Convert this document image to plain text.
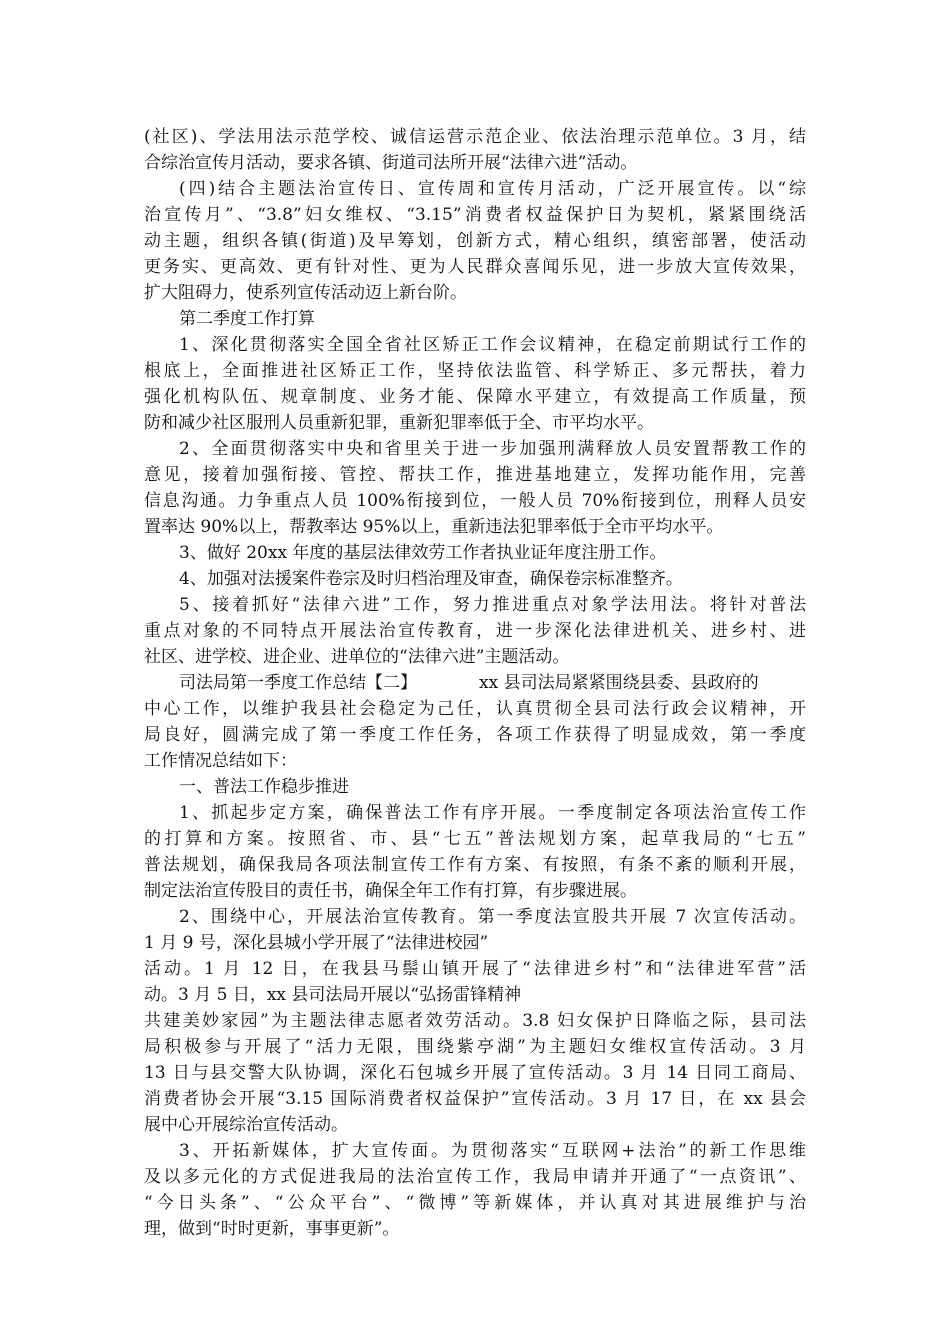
(社区)、学法用法示范学校、诚信运营示范企业、依法治理示范单位。3 月，结
合综治宣传月活动，要求各镇、街道司法所开展“法律六进”活动。
(四)结合主题法治宣传日、宣传周和宣传月活动，广泛开展宣传。以“综
治宣传月”、“3.8”妇女维权、“3.15”消费者权益保护日为契机，紧紧围绕活
动主题，组织各镇(街道)及早筹划，创新方式，精心组织，缜密部署，使活动
更务实、更高效、更有针对性、更为人民群众喜闻乐见，进一步放大宣传效果，
扩大阻碍力，使系列宣传活动迈上新台阶。
第二季度工作打算
1、深化贯彻落实全国全省社区矫正工作会议精神，在稳定前期试行工作的
根底上，全面推进社区矫正工作，坚持依法监管、科学矫正、多元帮扶，着力
强化机构队伍、规章制度、业务才能、保障水平建立，有效提高工作质量，预
防和减少社区服刑人员重新犯罪，重新犯罪率低于全、市平均水平。
2、全面贯彻落实中央和省里关于进一步加强刑满释放人员安置帮教工作的
意见，接着加强衔接、管控、帮扶工作，推进基地建立，发挥功能作用，完善
信息沟通。力争重点人员 100%衔接到位，一般人员 70%衔接到位，刑释人员安
置率达 90%以上，帮教率达 95%以上，重新违法犯罪率低于全市平均水平。
3、做好 20xx 年度的基层法律效劳工作者执业证年度注册工作。
4、加强对法援案件卷宗及时归档治理及审查，确保卷宗标准整齐。
5、接着抓好“法律六进”工作，努力推进重点对象学法用法。将针对普法
重点对象的不同特点开展法治宣传教育，进一步深化法律进机关、进乡村、进
社区、进学校、进企业、进单位的“法律六进”主题活动。
司法局第一季度工作总结【二】	xx 县司法局紧紧围绕县委、县政府的
中心工作，以维护我县社会稳定为己任，认真贯彻全县司法行政会议精神，开
局良好，圆满完成了第一季度工作任务，各项工作获得了明显成效，第一季度
工作情况总结如下：
一、普法工作稳步推进
1、抓起步定方案，确保普法工作有序开展。一季度制定各项法治宣传工作
的打算和方案。按照省、市、县“七五”普法规划方案，起草我局的“七五”
普法规划，确保我局各项法制宣传工作有方案、有按照，有条不紊的顺利开展，
制定法治宣传股目的责任书，确保全年工作有打算，有步骤进展。
2、围绕中心，开展法治宣传教育。第一季度法宣股共开展 7 次宣传活动。
1 月 9 号，深化县城小学开展了“法律进校园”
活动。1 月 12 日，在我县马鬃山镇开展了“法律进乡村”和“法律进军营”活
动。3 月 5 日，xx 县司法局开展以“弘扬雷锋精神
共建美妙家园”为主题法律志愿者效劳活动。3.8 妇女保护日降临之际，县司法
局积极参与开展了“活力无限，围绕紫亭湖”为主题妇女维权宣传活动。3 月
13 日与县交警大队协调，深化石包城乡开展了宣传活动。3 月 14 日同工商局、
消费者协会开展“3.15 国际消费者权益保护”宣传活动。3 月 17 日，在 xx 县会
展中心开展综治宣传活动。
3、开拓新媒体，扩大宣传面。为贯彻落实“互联网+法治”的新工作思维
及以多元化的方式促进我局的法治宣传工作，我局申请并开通了“一点资讯”、
“今日头条”、“公众平台”、“微博”等新媒体，并认真对其进展维护与治
理，做到“时时更新，事事更新”。
